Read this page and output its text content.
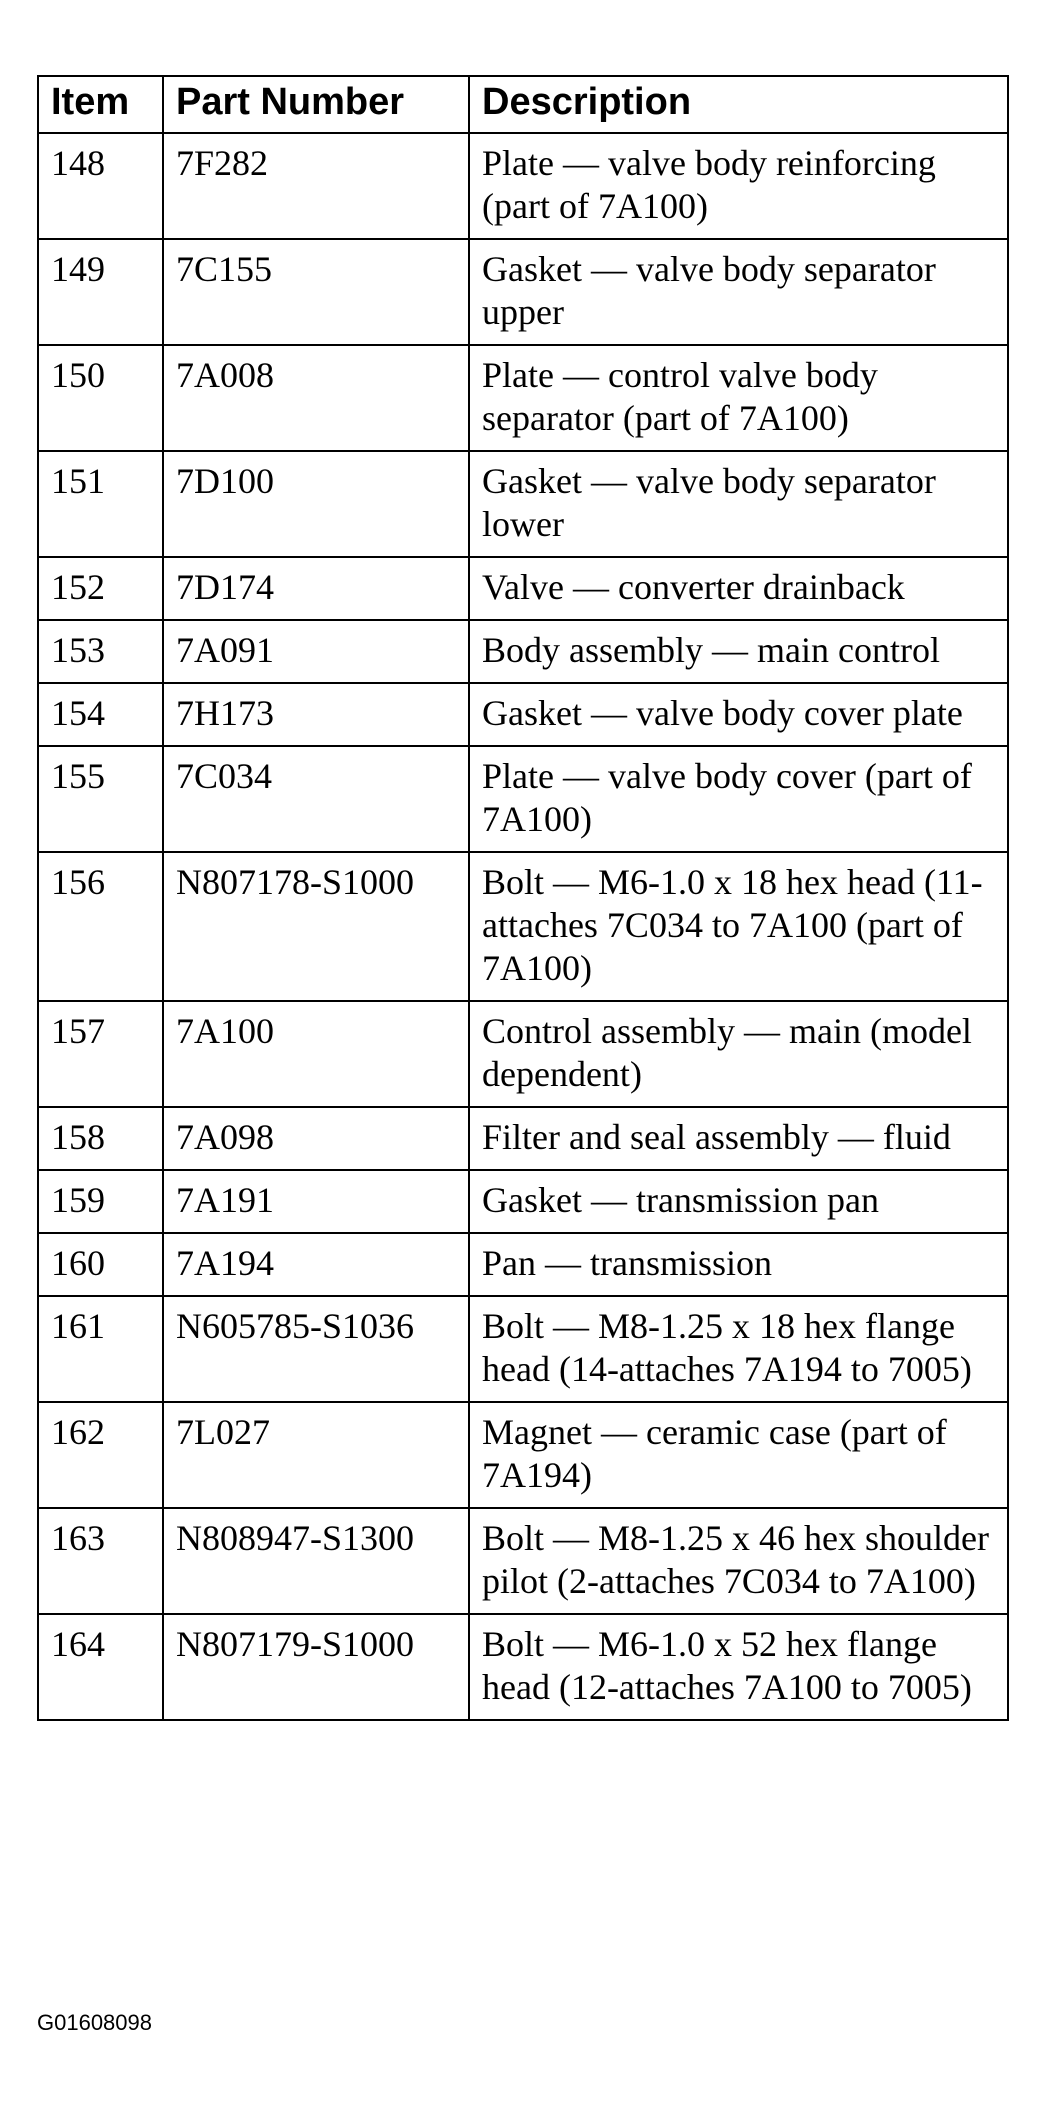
Item	Part Number	Description
148	7F282	Plate — valve body reinforcing (part of 7A100)
149	7C155	Gasket — valve body separator upper
150	7A008	Plate — control valve body separator (part of 7A100)
151	7D100	Gasket — valve body separator lower
152	7D174	Valve — converter drainback
153	7A091	Body assembly — main control
154	7H173	Gasket — valve body cover plate
155	7C034	Plate — valve body cover (part of 7A100)
156	N807178-S1000	Bolt — M6-1.0 x 18 hex head (11-attaches 7C034 to 7A100 (part of 7A100)
157	7A100	Control assembly — main (model dependent)
158	7A098	Filter and seal assembly — fluid
159	7A191	Gasket — transmission pan
160	7A194	Pan — transmission
161	N605785-S1036	Bolt — M8-1.25 x 18 hex flange head (14-attaches 7A194 to 7005)
162	7L027	Magnet — ceramic case (part of 7A194)
163	N808947-S1300	Bolt — M8-1.25 x 46 hex shoulder pilot (2-attaches 7C034 to 7A100)
164	N807179-S1000	Bolt — M6-1.0 x 52 hex flange head (12-attaches 7A100 to 7005)
G01608098
